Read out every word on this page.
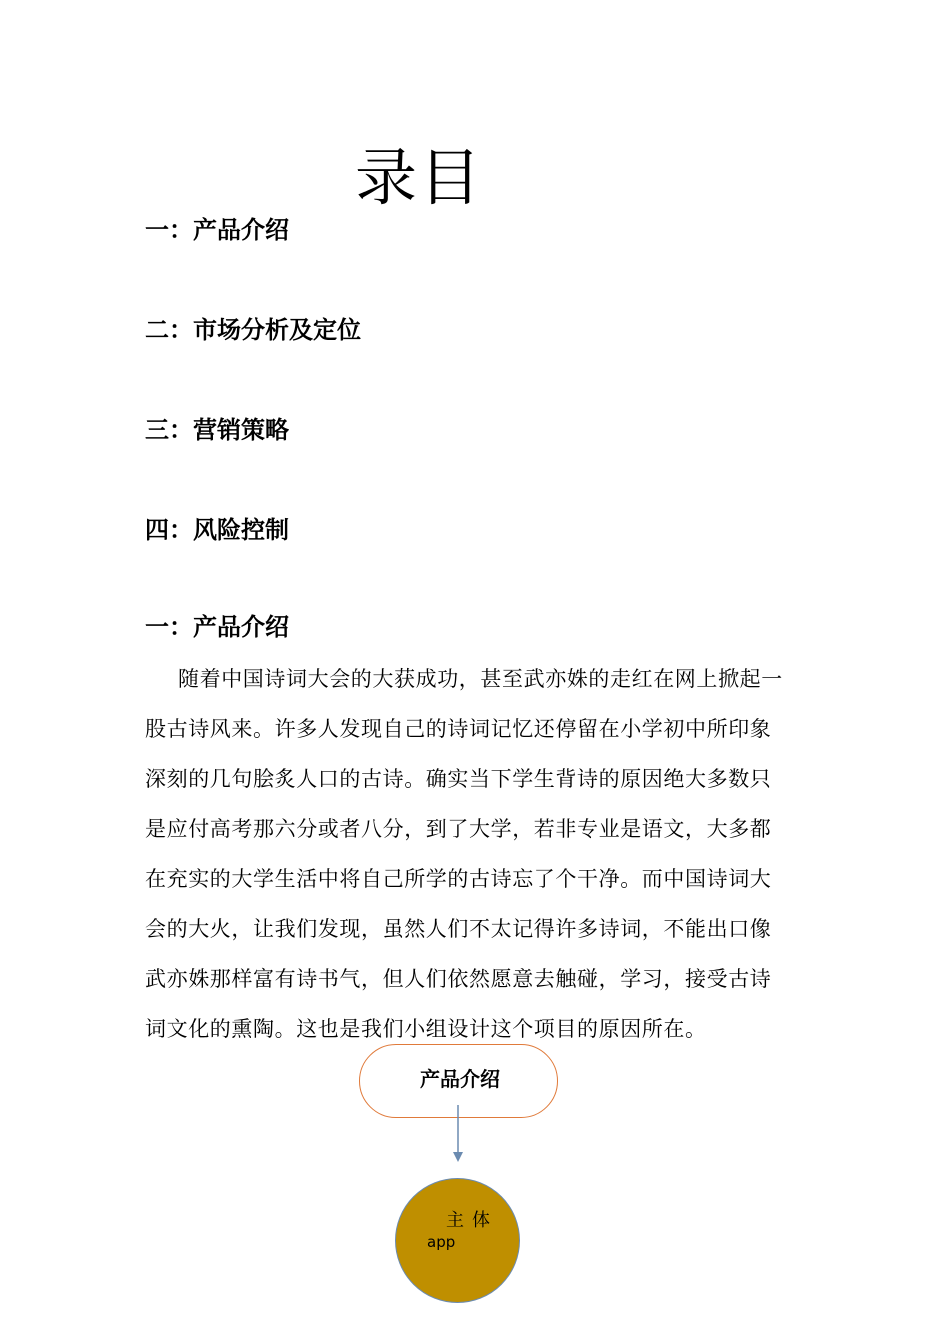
录目
一：产品介绍
二：市场分析及定位
三：营销策略
四：风险控制
一：产品介绍
随着中国诗词大会的大获成功，甚至武亦姝的走红在网上掀起一
股古诗风来。许多人发现自己的诗词记忆还停留在小学初中所印象
深刻的几句脍炙人口的古诗。确实当下学生背诗的原因绝大多数只
是应付高考那六分或者八分，到了大学，若非专业是语文，大多都
在充实的大学生活中将自己所学的古诗忘了个干净。而中国诗词大
会的大火，让我们发现，虽然人们不太记得许多诗词，不能出口像
武亦姝那样富有诗书气，但人们依然愿意去触碰，学习，接受古诗
词文化的熏陶。这也是我们小组设计这个项目的原因所在。
产品介绍
主体
app
